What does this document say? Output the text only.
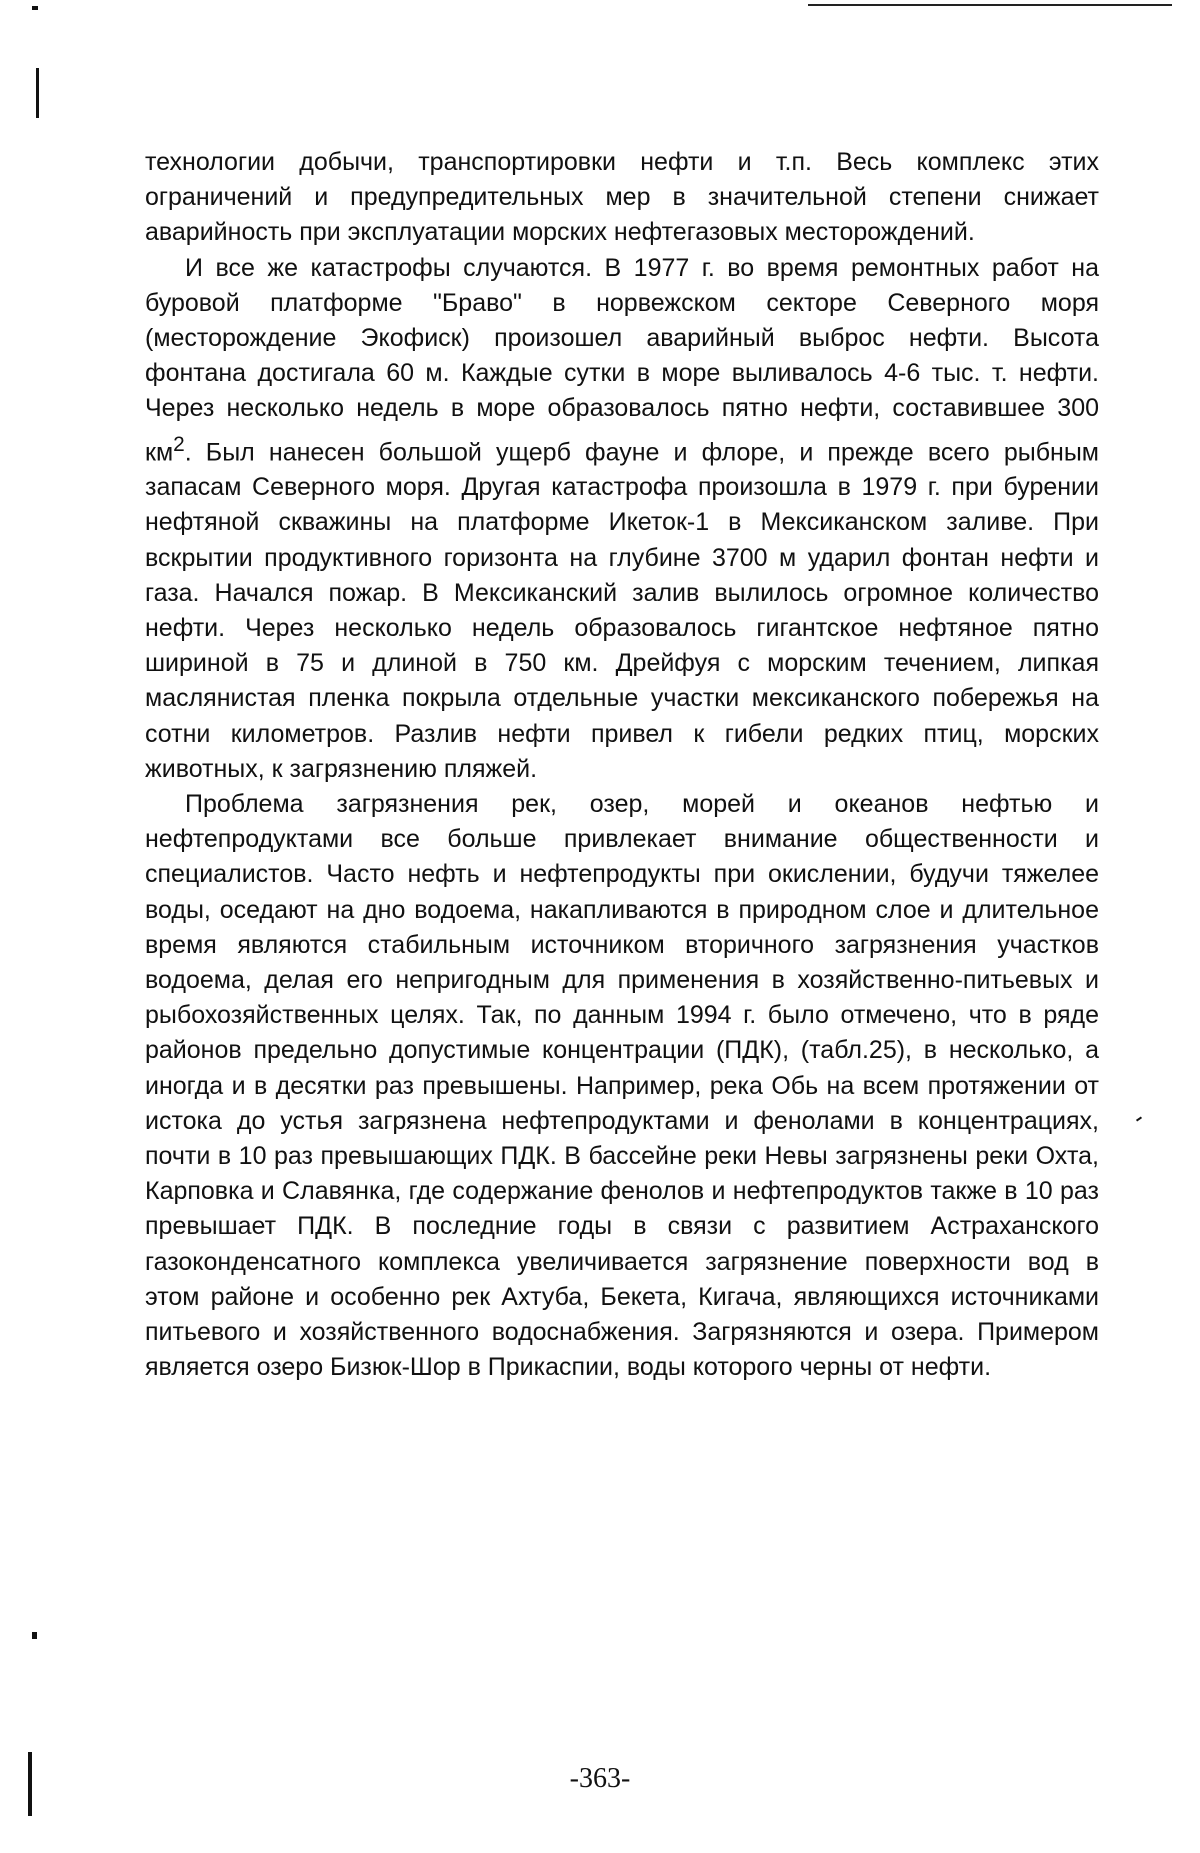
технологии добычи, транспортировки нефти и т.п. Весь комплекс этих ограничений и предупредительных мер в значительной степени снижает аварийность при эксплуатации морских нефтегазовых месторождений.

И все же катастрофы случаются. В 1977 г. во время ремонтных работ на буровой платформе "Браво" в норвежском секторе Северного моря (месторождение Экофиск) произошел аварийный выброс нефти. Высота фонтана достигала 60 м. Каждые сутки в море выливалось 4-6 тыс. т. нефти. Через несколько недель в море образовалось пятно нефти, составившее 300 $км^2$. Был нанесен большой ущерб фауне и флоре, и прежде всего рыбным запасам Северного моря. Другая катастрофа произошла в 1979 г. при бурении нефтяной скважины на платформе Икеток-1 в Мексиканском заливе. При вскрытии продуктивного горизонта на глубине 3700 м ударил фонтан нефти и газа. Начался пожар. В Мексиканский залив вылилось огромное количество нефти. Через несколько недель образовалось гигантское нефтяное пятно шириной в 75 и длиной в 750 км. Дрейфуя с морским течением, липкая маслянистая пленка покрыла отдельные участки мексиканского побережья на сотни километров. Разлив нефти привел к гибели редких птиц, морских животных, к загрязнению пляжей.

Проблема загрязнения рек, озер, морей и океанов нефтью и нефтепродуктами все больше привлекает внимание общественности и специалистов. Часто нефть и нефтепродукты при окислении, будучи тяжелее воды, оседают на дно водоема, накапливаются в природном слое и длительное время являются стабильным источником вторичного загрязнения участков водоема, делая его непригодным для применения в хозяйственно-питьевых и рыбохозяйственных целях. Так, по данным 1994 г. было отмечено, что в ряде районов предельно допустимые концентрации (ПДК), (табл.25), в несколько, а иногда и в десятки раз превышены. Например, река Обь на всем протяжении от истока до устья загрязнена нефтепродуктами и фенолами в концентрациях, почти в 10 раз превышающих ПДК. В бассейне реки Невы загрязнены реки Охта, Карповка и Славянка, где содержание фенолов и нефтепродуктов также в 10 раз превышает ПДК. В последние годы в связи с развитием Астраханского газоконденсатного комплекса увеличивается загрязнение поверхности вод в этом районе и особенно рек Ахтуба, Бекета, Кигача, являющихся источниками питьевого и хозяйственного водоснабжения. Загрязняются и озера. Примером является озеро Бизюк-Шор в Прикаспии, воды которого черны от нефти.

-363-
